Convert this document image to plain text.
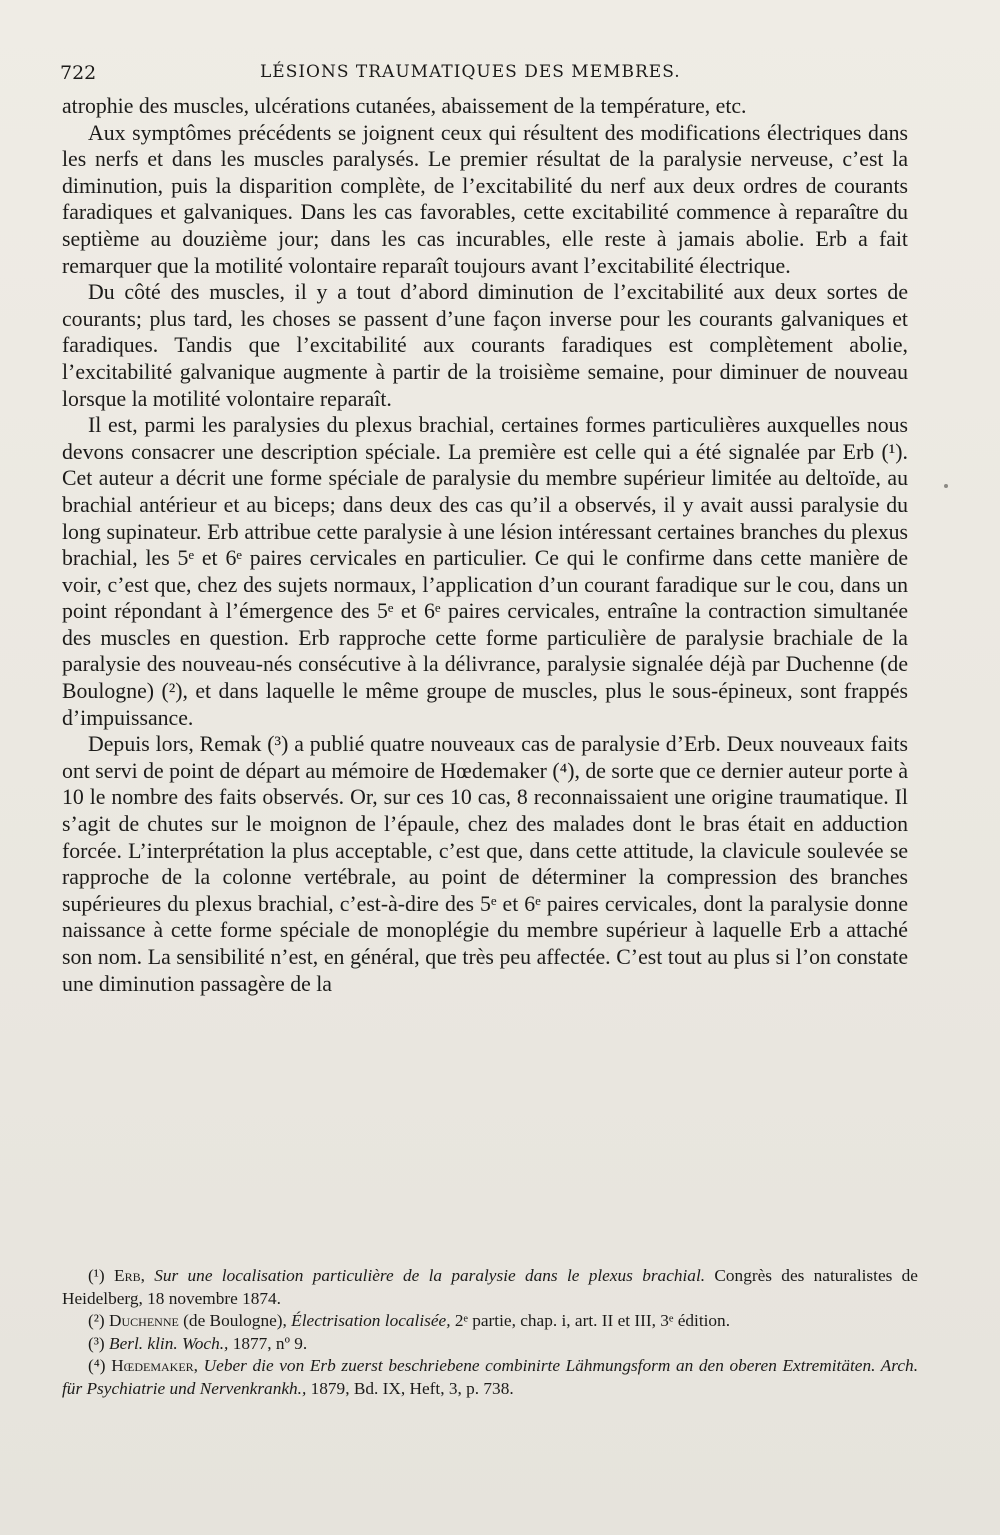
722	LÉSIONS TRAUMATIQUES DES MEMBRES.

atrophie des muscles, ulcérations cutanées, abaissement de la température, etc.

Aux symptômes précédents se joignent ceux qui résultent des modifications électriques dans les nerfs et dans les muscles paralysés. Le premier résultat de la paralysie nerveuse, c’est la diminution, puis la disparition complète, de l’excitabilité du nerf aux deux ordres de courants faradiques et galvaniques. Dans les cas favorables, cette excitabilité commence à reparaître du septième au douzième jour; dans les cas incurables, elle reste à jamais abolie. Erb a fait remarquer que la motilité volontaire reparaît toujours avant l’excitabilité électrique.

Du côté des muscles, il y a tout d’abord diminution de l’excitabilité aux deux sortes de courants; plus tard, les choses se passent d’une façon inverse pour les courants galvaniques et faradiques. Tandis que l’excitabilité aux courants faradiques est complètement abolie, l’excitabilité galvanique augmente à partir de la troisième semaine, pour diminuer de nouveau lorsque la motilité volontaire reparaît.

Il est, parmi les paralysies du plexus brachial, certaines formes particulières auxquelles nous devons consacrer une description spéciale. La première est celle qui a été signalée par Erb (¹). Cet auteur a décrit une forme spéciale de paralysie du membre supérieur limitée au deltoïde, au brachial antérieur et au biceps; dans deux des cas qu’il a observés, il y avait aussi paralysie du long supinateur. Erb attribue cette paralysie à une lésion intéressant certaines branches du plexus brachial, les 5ᵉ et 6ᵉ paires cervicales en particulier. Ce qui le confirme dans cette manière de voir, c’est que, chez des sujets normaux, l’application d’un courant faradique sur le cou, dans un point répondant à l’émergence des 5ᵉ et 6ᵉ paires cervicales, entraîne la contraction simultanée des muscles en question. Erb rapproche cette forme particulière de paralysie brachiale de la paralysie des nouveau-nés consécutive à la délivrance, paralysie signalée déjà par Duchenne (de Boulogne) (²), et dans laquelle le même groupe de muscles, plus le sous-épineux, sont frappés d’impuissance.

Depuis lors, Remak (³) a publié quatre nouveaux cas de paralysie d’Erb. Deux nouveaux faits ont servi de point de départ au mémoire de Hœdemaker (⁴), de sorte que ce dernier auteur porte à 10 le nombre des faits observés. Or, sur ces 10 cas, 8 reconnaissaient une origine traumatique. Il s’agit de chutes sur le moignon de l’épaule, chez des malades dont le bras était en adduction forcée. L’interprétation la plus acceptable, c’est que, dans cette attitude, la clavicule soulevée se rapproche de la colonne vertébrale, au point de déterminer la compression des branches supérieures du plexus brachial, c’est-à-dire des 5ᵉ et 6ᵉ paires cervicales, dont la paralysie donne naissance à cette forme spéciale de monoplégie du membre supérieur à laquelle Erb a attaché son nom. La sensibilité n’est, en général, que très peu affectée. C’est tout au plus si l’on constate une diminution passagère de la

(¹) Erb, Sur une localisation particulière de la paralysie dans le plexus brachial. Congrès des naturalistes de Heidelberg, 18 novembre 1874.

(²) Duchenne (de Boulogne), Électrisation localisée, 2ᵉ partie, chap. i, art. II et III, 3ᵉ édition.

(³) Berl. klin. Woch., 1877, nº 9.

(⁴) Hœdemaker, Ueber die von Erb zuerst beschriebene combinirte Lähmungsform an den oberen Extremitäten. Arch. für Psychiatrie und Nervenkrankh., 1879, Bd. IX, Heft, 3, p. 738.
